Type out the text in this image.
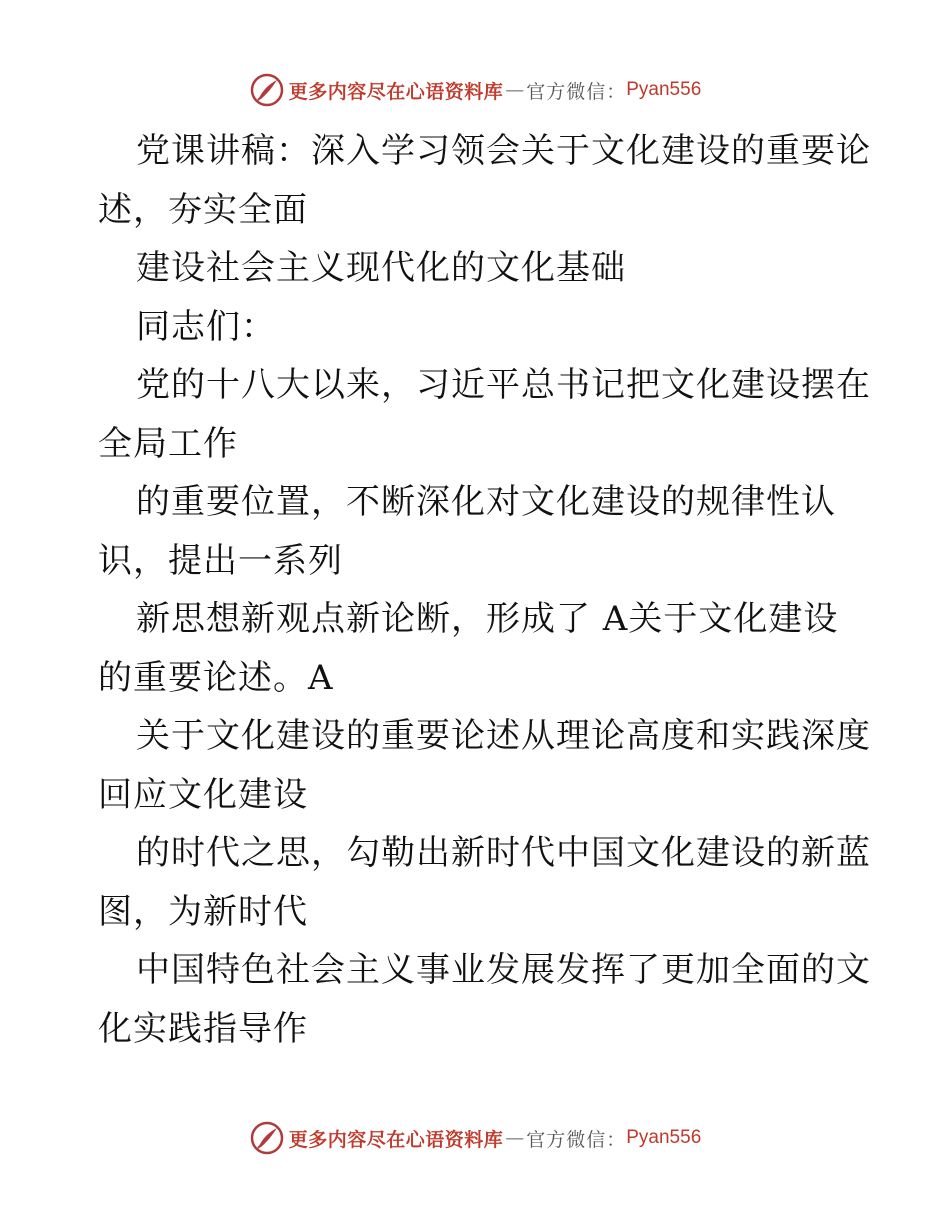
更多内容尽在心语资料库 — 官方微信： Pyan556
党课讲稿：深入学习领会关于文化建设的重要论
述，夯实全面
建设社会主义现代化的文化基础
同志们：
党的十八大以来，习近平总书记把文化建设摆在
全局工作
的重要位置，不断深化对文化建设的规律性认
识，提出一系列
新思想新观点新论断，形成了 A关于文化建设
的重要论述。A
关于文化建设的重要论述从理论高度和实践深度
回应文化建设
的时代之思，勾勒出新时代中国文化建设的新蓝
图，为新时代
中国特色社会主义事业发展发挥了更加全面的文
化实践指导作
更多内容尽在心语资料库 — 官方微信： Pyan556
